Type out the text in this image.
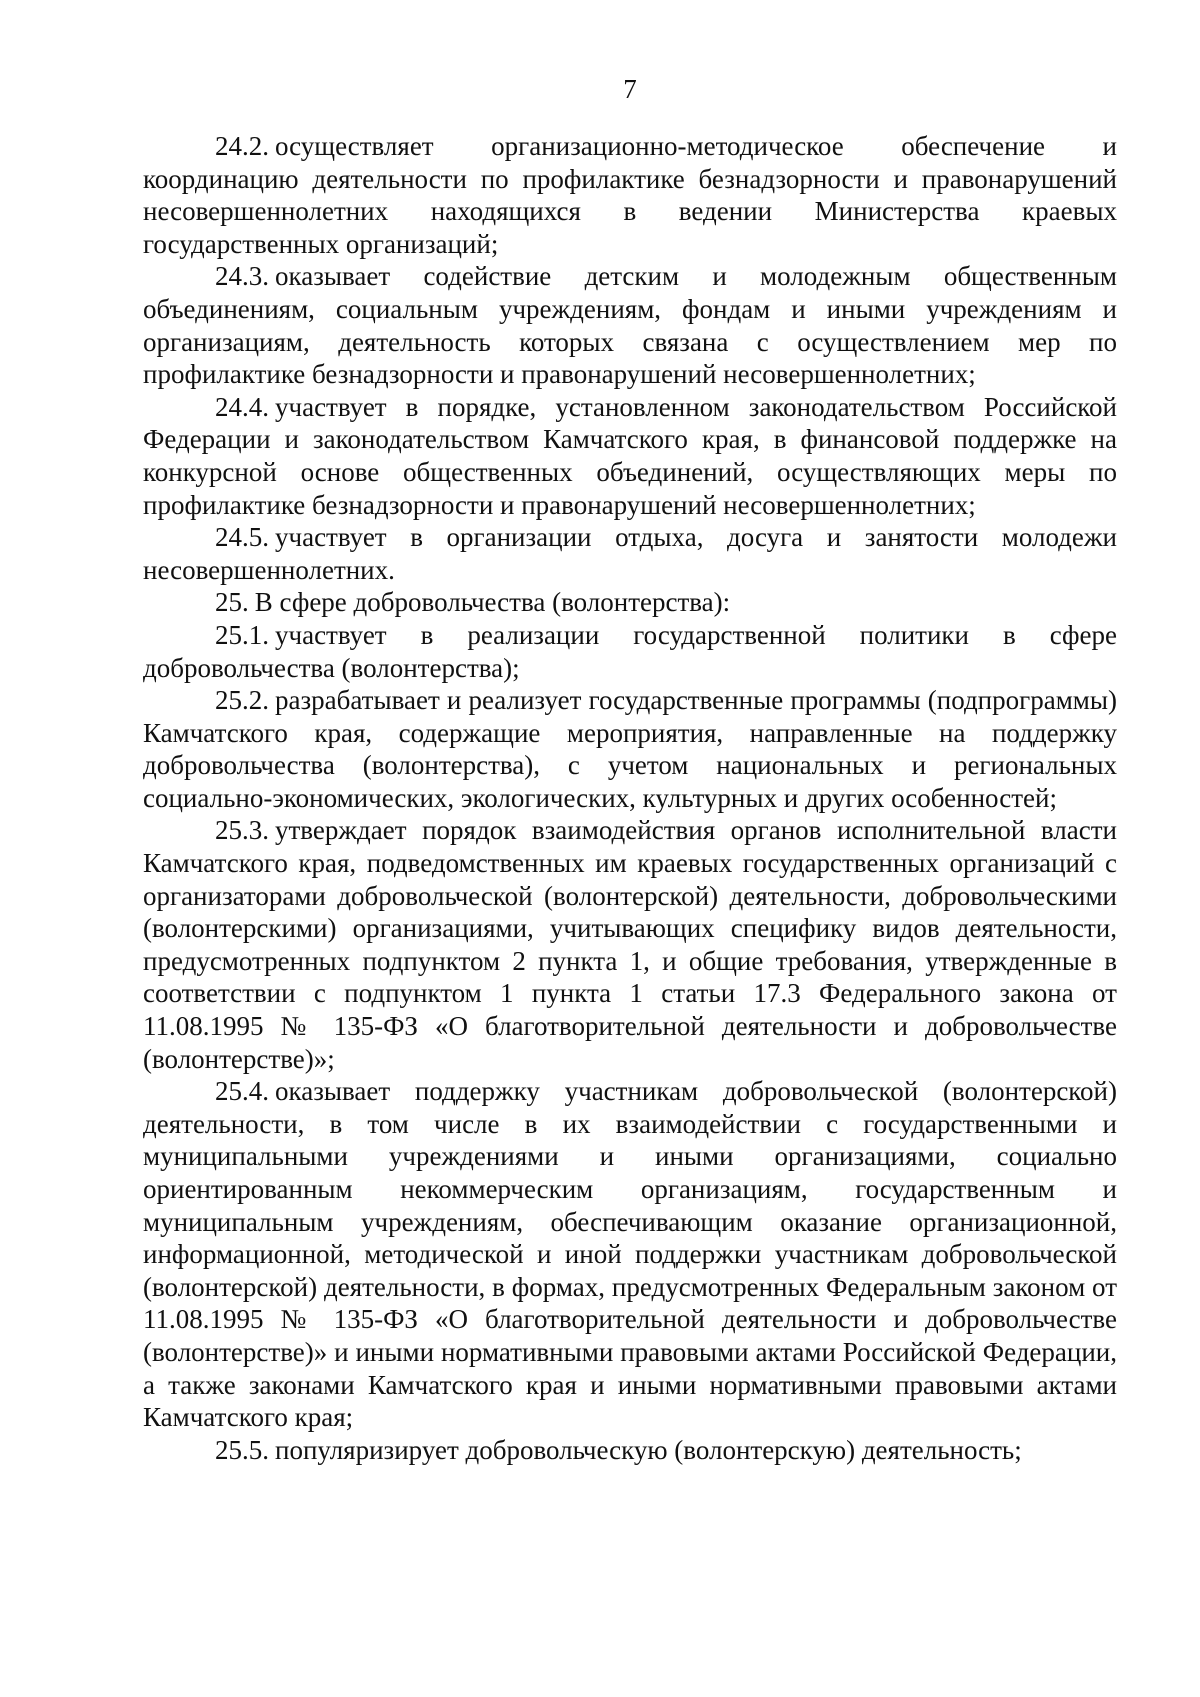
7

24.2. осуществляет организационно-методическое обеспечение и координацию деятельности по профилактике безнадзорности и правонарушений несовершеннолетних находящихся в ведении Министерства краевых государственных организаций;

24.3. оказывает содействие детским и молодежным общественным объединениям, социальным учреждениям, фондам и иными учреждениям и организациям, деятельность которых связана с осуществлением мер по профилактике безнадзорности и правонарушений несовершеннолетних;

24.4. участвует в порядке, установленном законодательством Российской Федерации и законодательством Камчатского края, в финансовой поддержке на конкурсной основе общественных объединений, осуществляющих меры по профилактике безнадзорности и правонарушений несовершеннолетних;

24.5. участвует в организации отдыха, досуга и занятости молодежи несовершеннолетних.

25. В сфере добровольчества (волонтерства):

25.1. участвует в реализации государственной политики в сфере добровольчества (волонтерства);

25.2. разрабатывает и реализует государственные программы (подпрограммы) Камчатского края, содержащие мероприятия, направленные на поддержку добровольчества (волонтерства), с учетом национальных и региональных социально-экономических, экологических, культурных и других особенностей;

25.3. утверждает порядок взаимодействия органов исполнительной власти Камчатского края, подведомственных им краевых государственных организаций с организаторами добровольческой (волонтерской) деятельности, добровольческими (волонтерскими) организациями, учитывающих специфику видов деятельности, предусмотренных подпунктом 2 пункта 1, и общие требования, утвержденные в соответствии с подпунктом 1 пункта 1 статьи 17.3 Федерального закона от 11.08.1995 № 135-ФЗ «О благотворительной деятельности и добровольчестве (волонтерстве)»;

25.4. оказывает поддержку участникам добровольческой (волонтерской) деятельности, в том числе в их взаимодействии с государственными и муниципальными учреждениями и иными организациями, социально ориентированным некоммерческим организациям, государственным и муниципальным учреждениям, обеспечивающим оказание организационной, информационной, методической и иной поддержки участникам добровольческой (волонтерской) деятельности, в формах, предусмотренных Федеральным законом от 11.08.1995 № 135-ФЗ «О благотворительной деятельности и добровольчестве (волонтерстве)» и иными нормативными правовыми актами Российской Федерации, а также законами Камчатского края и иными нормативными правовыми актами Камчатского края;

25.5. популяризирует добровольческую (волонтерскую) деятельность;
